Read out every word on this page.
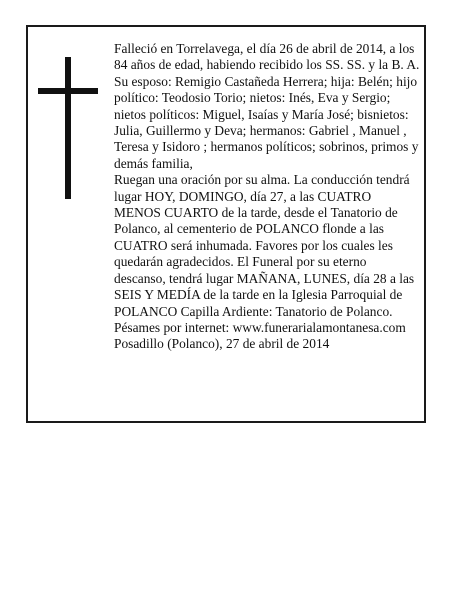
Falleció en Torrelavega, el día 26 de abril de 2014, a los 84 años de edad, habiendo recibido los SS. SS. y la B. A.

Su esposo: Remigio Castañeda Herrera; hija: Belén; hijo político: Teodosio Torio; nietos: Inés, Eva y Sergio; nietos políticos: Miguel, Isaías y María José; bisnietos: Julia, Guillermo y Deva; hermanos: Gabriel , Manuel , Teresa y Isidoro ; hermanos políticos; sobrinos, primos y demás familia,

Ruegan una oración por su alma. La conducción tendrá lugar HOY, DOMINGO, día 27, a las CUATRO MENOS CUARTO de la tarde, desde el Tanatorio de Polanco, al cementerio de POLANCO flonde a las CUATRO será inhumada. Favores por los cuales les quedarán agradecidos. El Funeral por su eterno descanso, tendrá lugar MAÑANA, LUNES, día 28 a las SEIS Y MEDÍA de la tarde en la Iglesia Parroquial de POLANCO Capilla Ardiente: Tanatorio de Polanco.

Pésames por internet: www.funerarialamontanesa.com

Posadillo (Polanco), 27 de abril de 2014
